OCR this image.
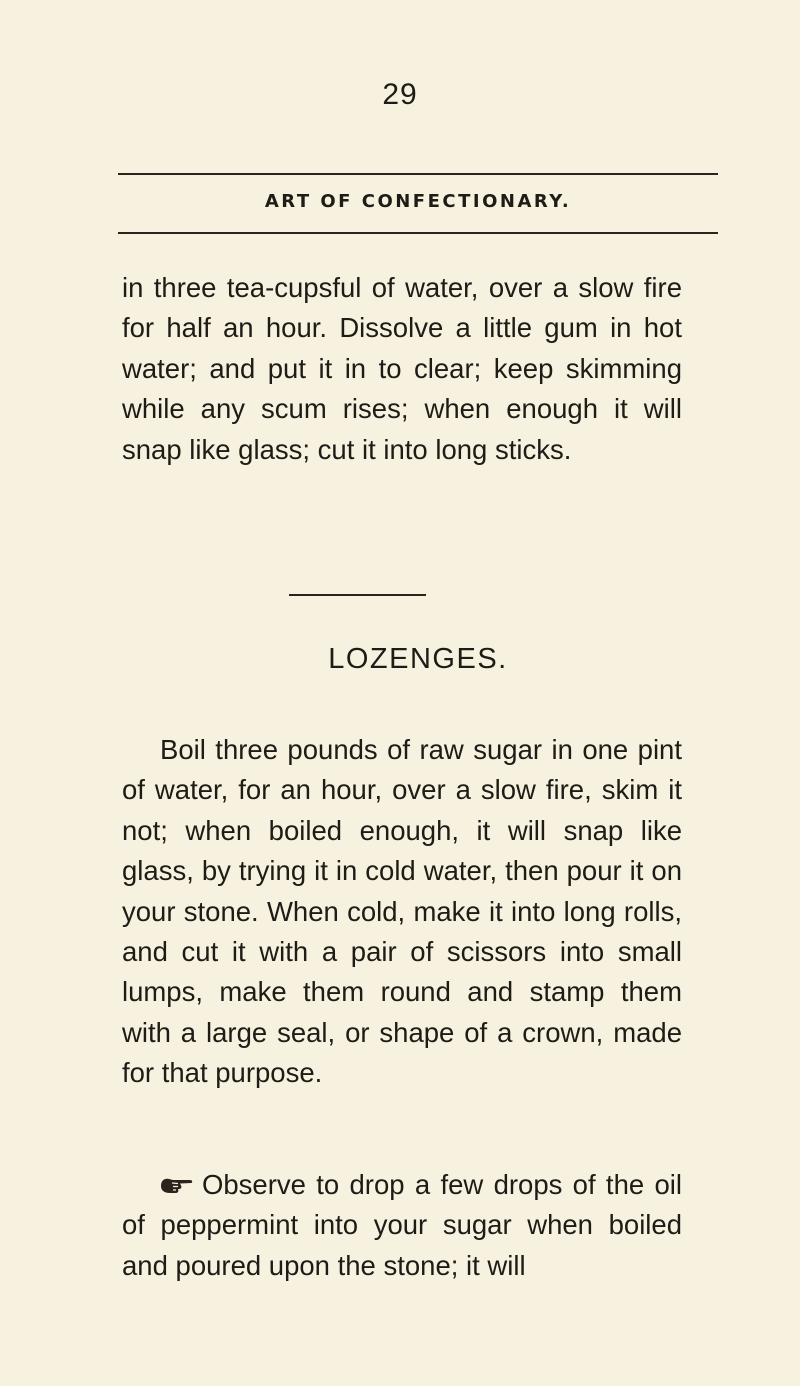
29
ART OF CONFECTIONARY.

in three tea-cupsful of water, over a slow fire for half an hour. Dissolve a little gum in hot water; and put it in to clear; keep skimming while any scum rises; when enough it will snap like glass; cut it into long sticks.

LOZENGES.

Boil three pounds of raw sugar in one pint of water, for an hour, over a slow fire, skim it not; when boiled enough, it will snap like glass, by trying it in cold water, then pour it on your stone. When cold, make it into long rolls, and cut it with a pair of scissors into small lumps, make them round and stamp them with a large seal, or shape of a crown, made for that purpose.

Observe to drop a few drops of the oil of peppermint into your sugar when boiled and poured upon the stone; it will
